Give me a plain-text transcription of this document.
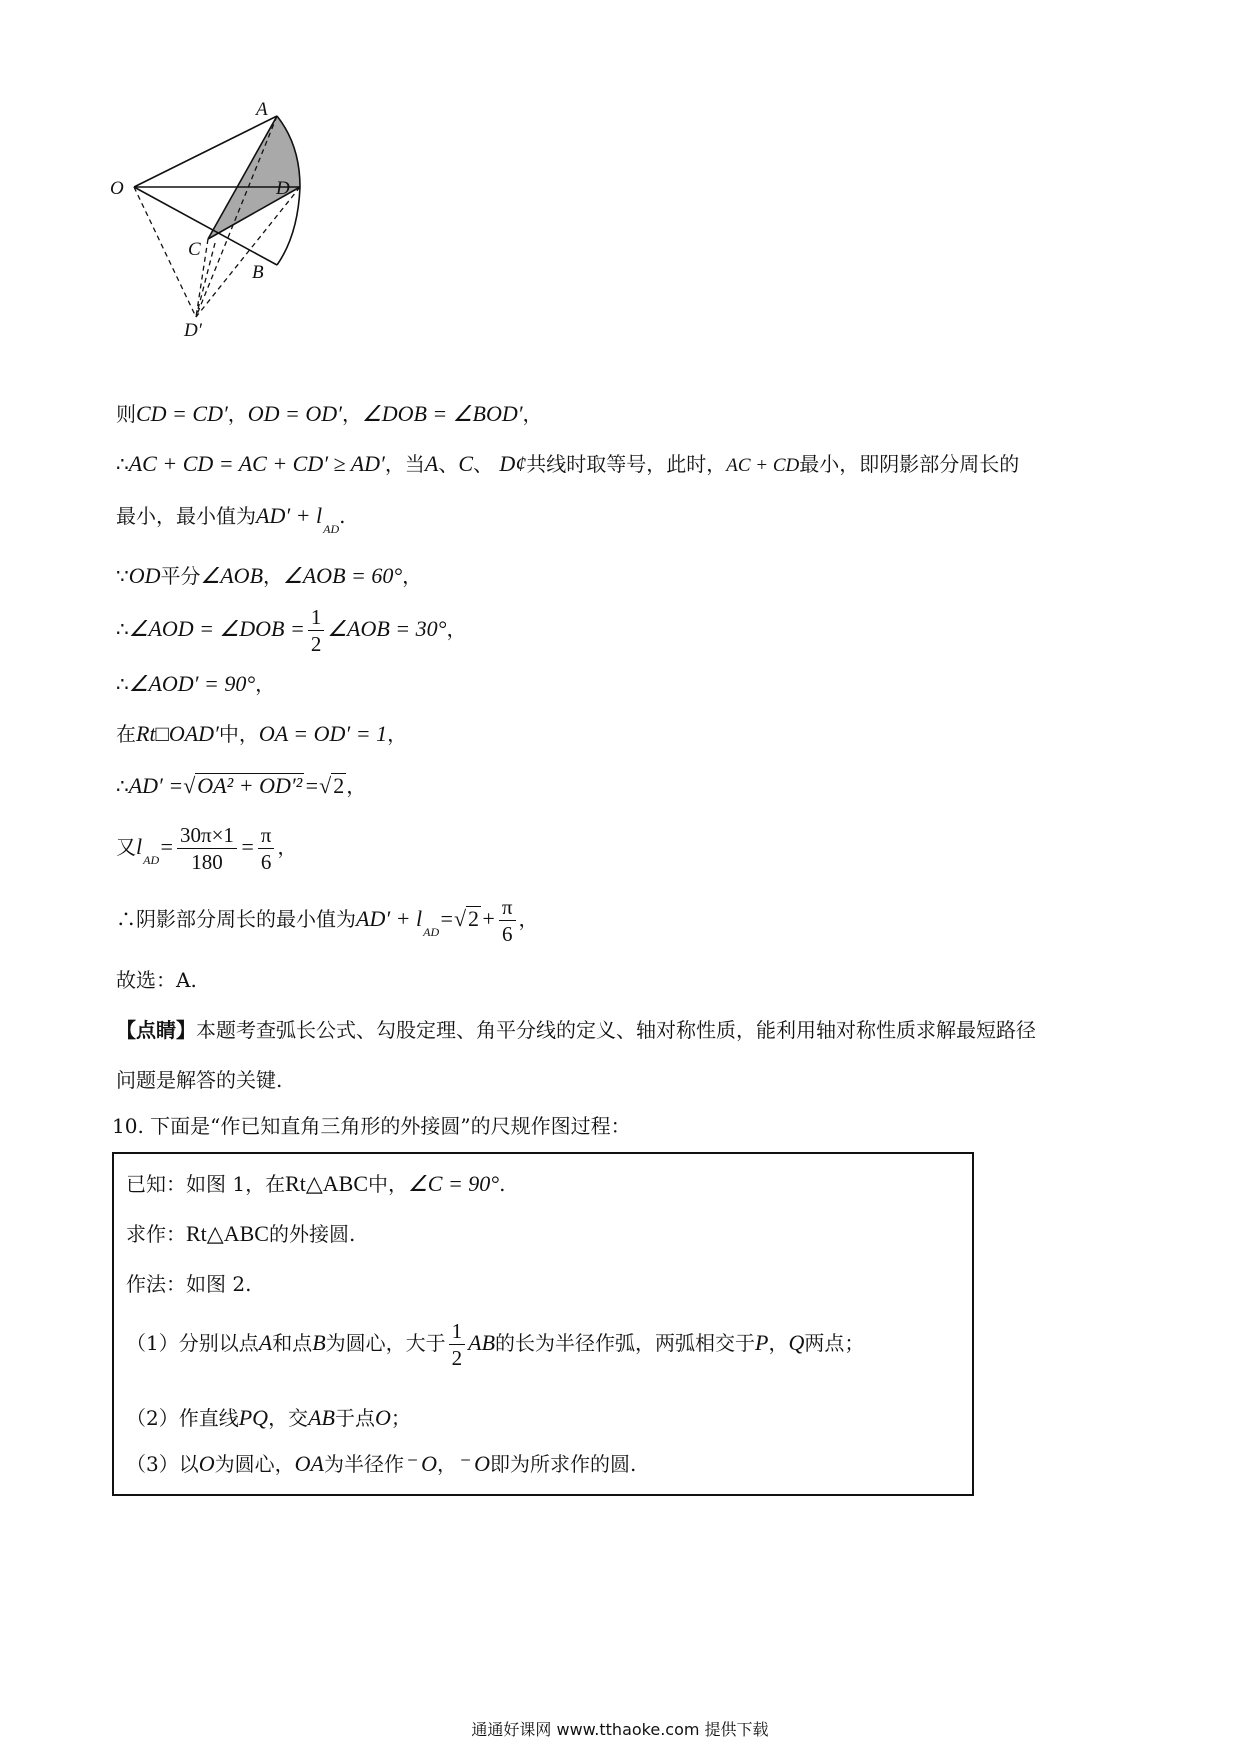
A
O	D
C
B
D′
则CD = CD′，OD = OD′，∠DOB = ∠BOD′，
∴AC + CD = AC + CD′ ≥ AD′，当A、C、 D¢共线时取等号，此时，AC + CD最小，即阴影部分周长的
最小，最小值为$AD' + l_{AD}$.
∵OD平分∠AOB，∠AOB = 60°，
∴∠AOD = ∠DOB = $\frac{1}{2}$ ∠AOB = 30°，
∴∠AOD′ = 90°，
在Rt□OAD′中，OA = OD′ = 1，
∴AD′ =√OA² + OD′²=√2 ，
又$l_{AD}= \frac{30\pi\times 1}{180} = \frac{\pi}{6}$ ，
∴阴影部分周长的最小值为$AD' + l_{AD}=√2+ \frac{\pi}{6}$ ，
故选：A.
【点睛】本题考查弧长公式、勾股定理、角平分线的定义、轴对称性质，能利用轴对称性质求解最短路径
问题是解答的关键.
10. 下面是“作已知直角三角形的外接圆”的尺规作图过程：
已知：如图 1，在Rt△ABC中，∠C = 90°.
求作：Rt△ABC的外接圆.
作法：如图 2.
（1）分别以点A和点B为圆心，大于 $\frac{1}{2}$ AB的长为半径作弧，两弧相交于P，Q两点；
（2）作直线PQ，交AB于点O；
（3）以O为圆心，OA为半径作⁻ O，⁻ O即为所求作的圆.
通通好课网 www.tthaoke.com 提供下载
